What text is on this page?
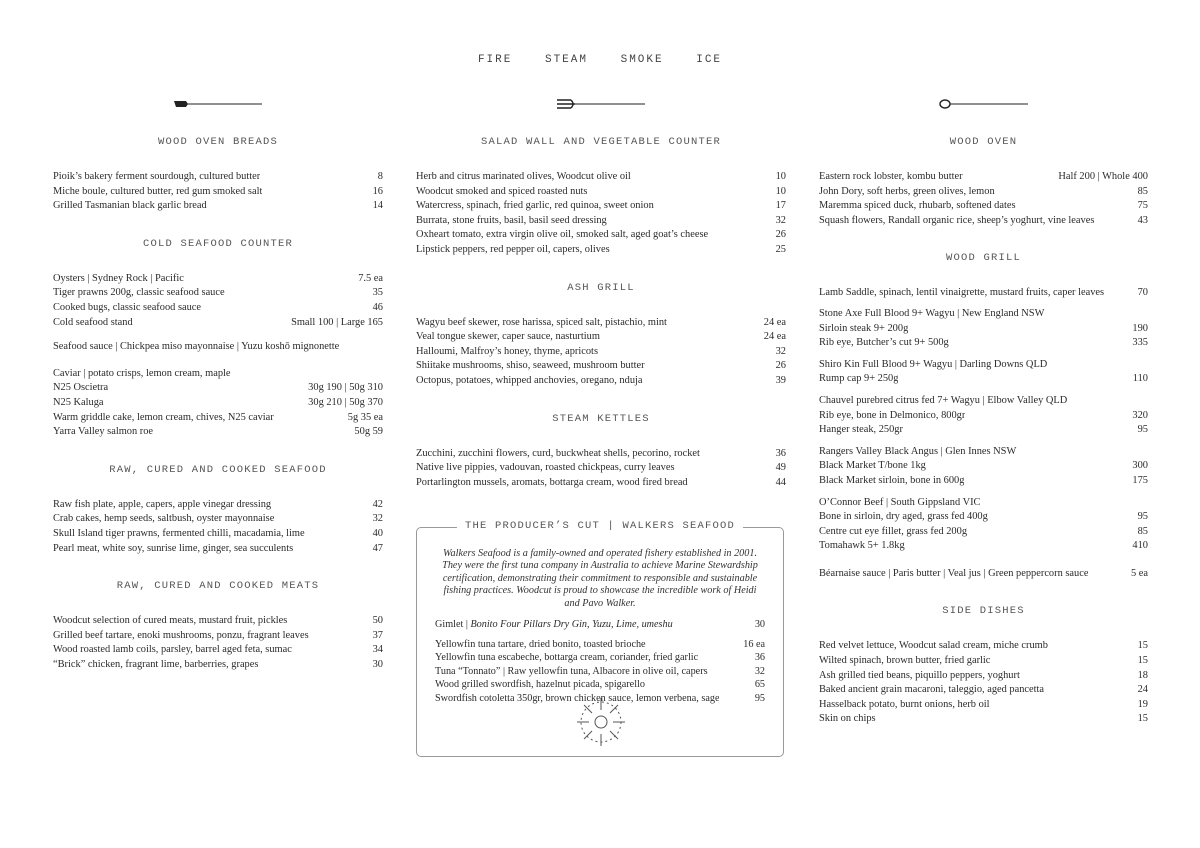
FIRE	STEAM	SMOKE	ICE
WOOD OVEN BREADS
Pioik’s bakery ferment sourdough, cultured butter	8
Miche boule, cultured butter, red gum smoked salt	16
Grilled Tasmanian black garlic bread	14
COLD SEAFOOD COUNTER
Oysters | Sydney Rock | Pacific	7.5 ea
Tiger prawns 200g, classic seafood sauce	35
Cooked bugs, classic seafood sauce	46
Cold seafood stand	Small 100 | Large 165
Seafood sauce | Chickpea miso mayonnaise | Yuzu koshō mignonette
Caviar | potato crisps, lemon cream, maple
N25 Oscietra	30g 190 | 50g 310
N25 Kaluga	30g 210 | 50g 370
Warm griddle cake, lemon cream, chives, N25 caviar	5g 35 ea
Yarra Valley salmon roe	50g 59
RAW, CURED AND COOKED SEAFOOD
Raw fish plate, apple, capers, apple vinegar dressing	42
Crab cakes, hemp seeds, saltbush, oyster mayonnaise	32
Skull Island tiger prawns, fermented chilli, macadamia, lime	40
Pearl meat, white soy, sunrise lime, ginger, sea succulents	47
RAW, CURED AND COOKED MEATS
Woodcut selection of cured meats, mustard fruit, pickles	50
Grilled beef tartare, enoki mushrooms, ponzu, fragrant leaves	37
Wood roasted lamb coils, parsley, barrel aged feta, sumac	34
“Brick” chicken, fragrant lime, barberries, grapes	30
SALAD WALL AND VEGETABLE COUNTER
Herb and citrus marinated olives, Woodcut olive oil	10
Woodcut smoked and spiced roasted nuts	10
Watercress, spinach, fried garlic, red quinoa, sweet onion	17
Burrata, stone fruits, basil, basil seed dressing	32
Oxheart tomato, extra virgin olive oil, smoked salt, aged goat’s cheese	26
Lipstick peppers, red pepper oil, capers, olives	25
ASH GRILL
Wagyu beef skewer, rose harissa, spiced salt, pistachio, mint	24 ea
Veal tongue skewer, caper sauce, nasturtium	24 ea
Halloumi, Malfroy’s honey, thyme, apricots	32
Shiitake mushrooms, shiso, seaweed, mushroom butter	26
Octopus, potatoes, whipped anchovies, oregano, nduja	39
STEAM KETTLES
Zucchini, zucchini flowers, curd, buckwheat shells, pecorino, rocket	36
Native live pippies, vadouvan, roasted chickpeas, curry leaves	49
Portarlington mussels, aromats, bottarga cream, wood fired bread	44
THE PRODUCER’S CUT | WALKERS SEAFOOD
Walkers Seafood is a family-owned and operated fishery established in 2001. They were the first tuna company in Australia to achieve Marine Stewardship certification, demonstrating their commitment to responsible and sustainable fishing practices. Woodcut is proud to showcase the incredible work of Heidi and Pavo Walker.
Gimlet | Bonito Four Pillars Dry Gin, Yuzu, Lime, umeshu	30
Yellowfin tuna tartare, dried bonito, toasted brioche	16 ea
Yellowfin tuna escabeche, bottarga cream, coriander, fried garlic	36
Tuna “Tonnato” | Raw yellowfin tuna, Albacore in olive oil, capers	32
Wood grilled swordfish, hazelnut picada, spigarello	65
Swordfish cotoletta 350gr, brown chicken sauce, lemon verbena, sage	95
WOOD OVEN
Eastern rock lobster, kombu butter	Half 200 | Whole 400
John Dory, soft herbs, green olives, lemon	85
Maremma spiced duck, rhubarb, softened dates	75
Squash flowers, Randall organic rice, sheep’s yoghurt, vine leaves	43
WOOD GRILL
Lamb Saddle, spinach, lentil vinaigrette, mustard fruits, caper leaves	70
Stone Axe Full Blood 9+ Wagyu | New England NSW
Sirloin steak 9+ 200g	190
Rib eye, Butcher’s cut 9+ 500g	335
Shiro Kin Full Blood 9+ Wagyu | Darling Downs QLD
Rump cap 9+ 250g	110
Chauvel purebred citrus fed 7+ Wagyu | Elbow Valley QLD
Rib eye, bone in Delmonico, 800gr	320
Hanger steak, 250gr	95
Rangers Valley Black Angus | Glen Innes NSW
Black Market T/bone 1kg	300
Black Market sirloin, bone in 600g	175
O’Connor Beef | South Gippsland VIC
Bone in sirloin, dry aged, grass fed 400g	95
Centre cut eye fillet, grass fed 200g	85
Tomahawk 5+ 1.8kg	410
Béarnaise sauce | Paris butter | Veal jus | Green peppercorn sauce	5 ea
SIDE DISHES
Red velvet lettuce, Woodcut salad cream, miche crumb	15
Wilted spinach, brown butter, fried garlic	15
Ash grilled tied beans, piquillo peppers, yoghurt	18
Baked ancient grain macaroni, taleggio, aged pancetta	24
Hasselback potato, burnt onions, herb oil	19
Skin on chips	15
